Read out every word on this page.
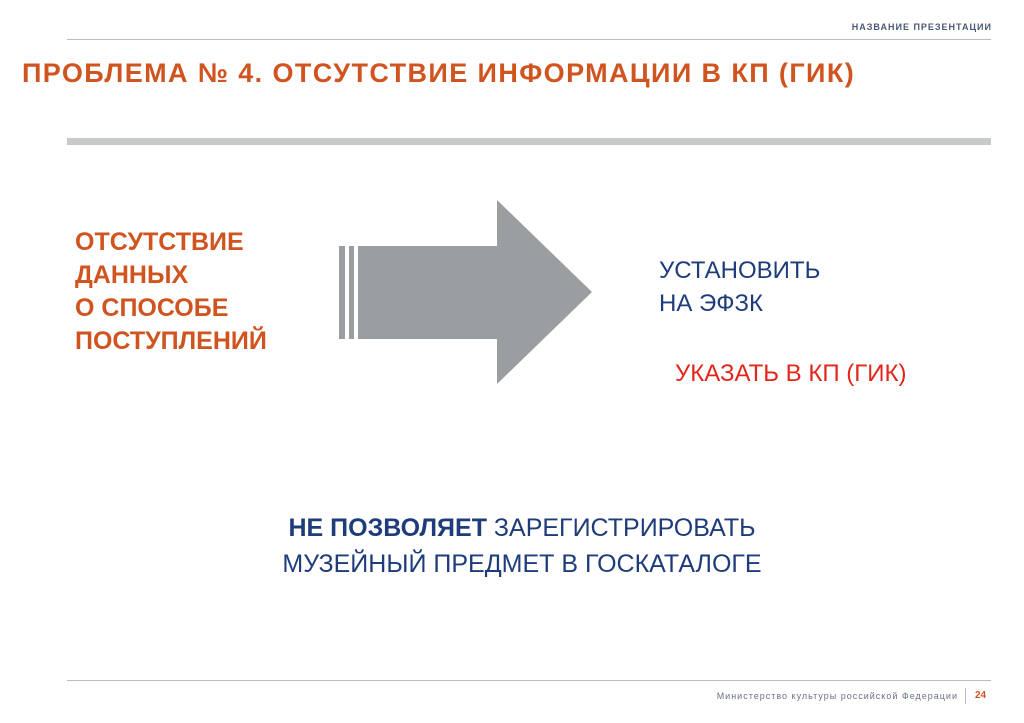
НАЗВАНИЕ ПРЕЗЕНТАЦИИ
ПРОБЛЕМА № 4. ОТСУТСТВИЕ ИНФОРМАЦИИ В КП (ГИК)
ОТСУТСТВИЕ
ДАННЫХ
О СПОСОБЕ
ПОСТУПЛЕНИЙ
УСТАНОВИТЬ
НА ЭФЗК
УКАЗАТЬ В КП (ГИК)
НЕ ПОЗВОЛЯЕТ ЗАРЕГИСТРИРОВАТЬ
МУЗЕЙНЫЙ ПРЕДМЕТ В ГОСКАТАЛОГЕ
Министерство культуры российской Федерации 24
